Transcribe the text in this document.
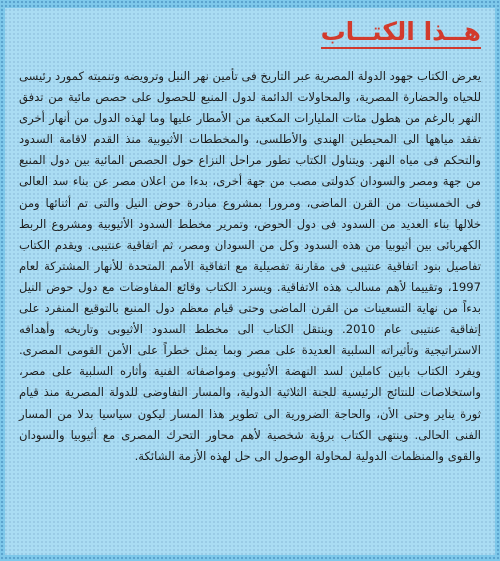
هــذا الكتــاب

يعرض الكتاب جهود الدولة المصرية عبر التاريخ فى تأمين نهر النيل وترويضه وتنميته كمورد رئيسى للحياه والحضارة المصرية، والمحاولات الدائمة لدول المنبع للحصول على حصص مائية من تدفق النهر بالرغم من هطول مئات المليارات المكعبة من الأمطار عليها وما لهذه الدول من أنهار أخرى تفقد مياهها الى المحيطين الهندى والأطلسى، والمخططات الأثيوبية منذ القدم لاقامة السدود والتحكم فى مياه النهر. ويتناول الكتاب تطور مراحل النزاع حول الحصص المائية بين دول المنبع من جهة ومصر والسودان كدولتى مصب من جهة أخرى، بدءا من اعلان مصر عن بناء سد العالى فى الخمسينات من القرن الماضى، ومرورا بمشروع مبادرة حوض النيل والتى تم أثنائها ومن خلالها بناء العديد من السدود فى دول الحوض، وتمرير مخطط السدود الأثيوبية ومشروع الربط الكهربائى بين أثيوبيا من هذه السدود وكل من السودان ومصر، ثم اتفاقية عنتيبى. ويقدم الكتاب تفاصيل بنود اتفاقية عنتيبى فى مقارنة تفصيلية مع اتفاقية الأمم المتحدة للأنهار المشتركة لعام 1997، وتقييما لأهم مسالب هذه الاتفاقية. ويسرد الكتاب وقائع المفاوضات مع دول حوض النيل بدءاً من نهاية التسعينات من القرن الماضى وحتى قيام معظم دول المنبع بالتوقيع المنفرد على إتفاقية عنتيبى عام 2010. وينتقل الكتاب الى مخطط السدود الأثيوبى وتاريخه وأهدافه الاستراتيجية وتأثيراته السلبية العديدة على مصر وبما يمثل خطراً على الأمن القومى المصرى. ويفرد الكتاب بابين كاملين لسد النهضة الأثيوبى ومواصفاته الفنية وأثاره السلبية على مصر، واستخلاصات للنتائج الرئيسية للجنة الثلاثية الدولية، والمسار التفاوضى للدولة المصرية منذ قيام ثورة يناير وحتى الأن، والحاجة الضرورية الى تطوير هذا المسار ليكون سياسيا بدلا من المسار الفنى الحالى. وينتهى الكتاب برؤية شخصية لأهم محاور التحرك المصرى مع أثيوبيا والسودان والقوى والمنظمات الدولية لمحاولة الوصول الى حل لهذه الأزمة الشائكة.
